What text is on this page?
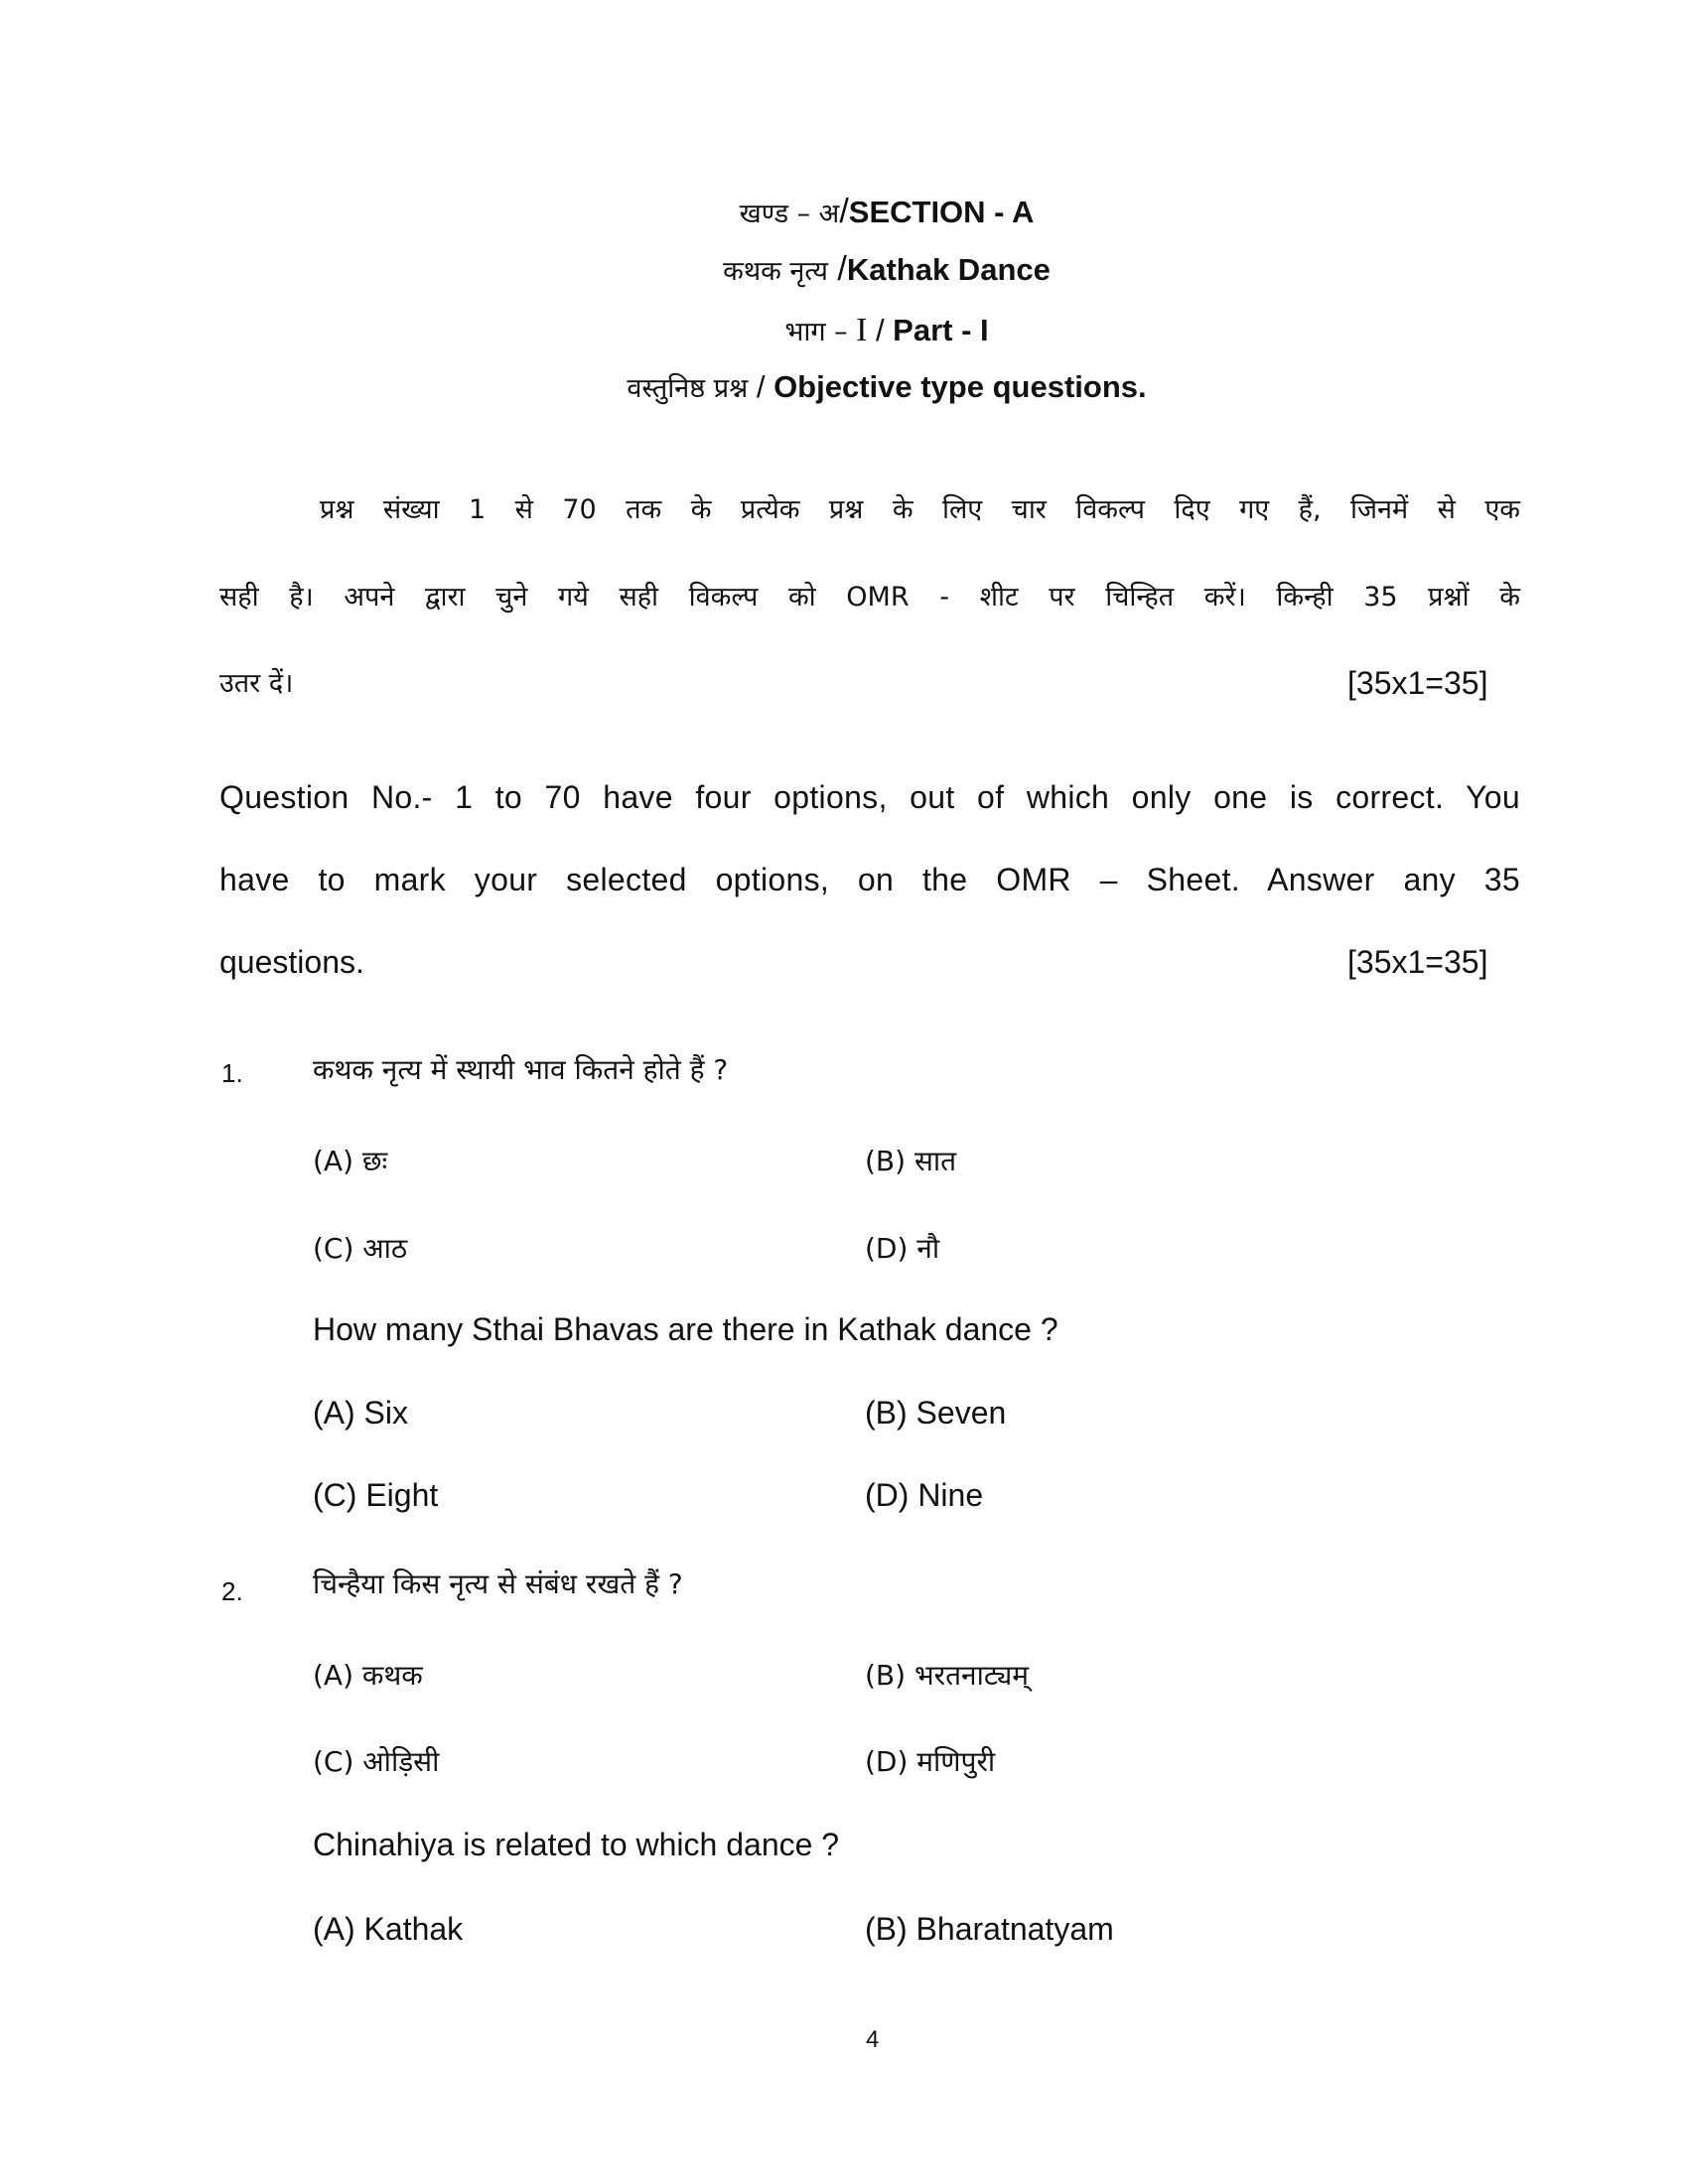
खण्ड – अ/SECTION - A
कथक नृत्य /Kathak Dance
भाग – I / Part - I
वस्तुनिष्ठ प्रश्न / Objective type questions.
प्रश्न संख्या 1 से 70 तक के प्रत्येक प्रश्न के लिए चार विकल्प दिए गए हैं, जिनमें से एक
सही है। अपने द्वारा चुने गये सही विकल्प को OMR - शीट पर चिन्हित करें। किन्ही 35 प्रश्नों के
उतर दें।	[35x1=35]
Question No.- 1 to 70 have four options, out of which only one is correct. You
have to mark your selected options, on the OMR – Sheet. Answer any 35
questions.	[35x1=35]
1.	कथक नृत्य में स्थायी भाव कितने होते हैं ?
(A) छः	(B) सात
(C) आठ	(D) नौ
How many Sthai Bhavas are there in Kathak dance ?
(A) Six	(B) Seven
(C) Eight	(D) Nine
2.	चिन्हैया किस नृत्य से संबंध रखते हैं ?
(A) कथक	(B) भरतनाट्यम्
(C) ओड़िसी	(D) मणिपुरी
Chinahiya is related to which dance ?
(A) Kathak	(B) Bharatnatyam
4
